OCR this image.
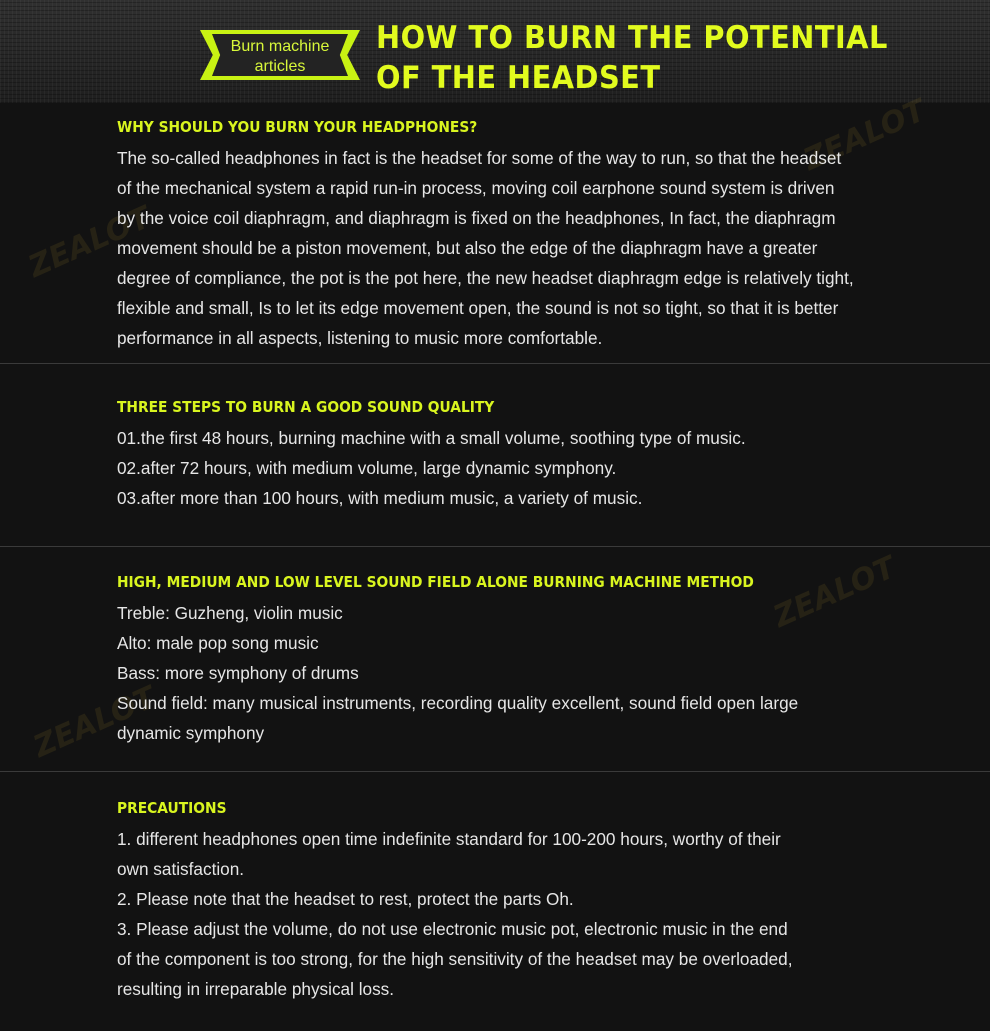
Burn machine
articles
HOW TO BURN THE POTENTIAL
OF THE HEADSET
ZEALOT
ZEALOT
ZEALOT
ZEALOT
WHY SHOULD YOU BURN YOUR HEADPHONES?

The so-called headphones in fact is the headset for some of the way to run, so that the headset

of the mechanical system a rapid run-in process, moving coil earphone sound system is driven

by the voice coil diaphragm, and diaphragm is fixed on the headphones, In fact, the diaphragm

movement should be a piston movement, but also the edge of the diaphragm have a greater

degree of compliance, the pot is the pot here, the new headset diaphragm edge is relatively tight,

flexible and small, Is to let its edge movement open, the sound is not so tight, so that it is better

performance in all aspects, listening to music more comfortable.

THREE STEPS TO BURN A GOOD SOUND QUALITY

01.the first 48 hours, burning machine with a small volume, soothing type of music.

02.after 72 hours, with medium volume, large dynamic symphony.

03.after more than 100 hours, with medium music, a variety of music.

HIGH, MEDIUM AND LOW LEVEL SOUND FIELD ALONE BURNING MACHINE METHOD

Treble: Guzheng, violin music

Alto: male pop song music

Bass: more symphony of drums

Sound field: many musical instruments, recording quality excellent, sound field open large

dynamic symphony

PRECAUTIONS

1. different headphones open time indefinite standard for 100-200 hours, worthy of their

own satisfaction.

2. Please note that the headset to rest, protect the parts Oh.

3. Please adjust the volume, do not use electronic music pot, electronic music in the end

of the component is too strong, for the high sensitivity of the headset may be overloaded,

resulting in irreparable physical loss.
